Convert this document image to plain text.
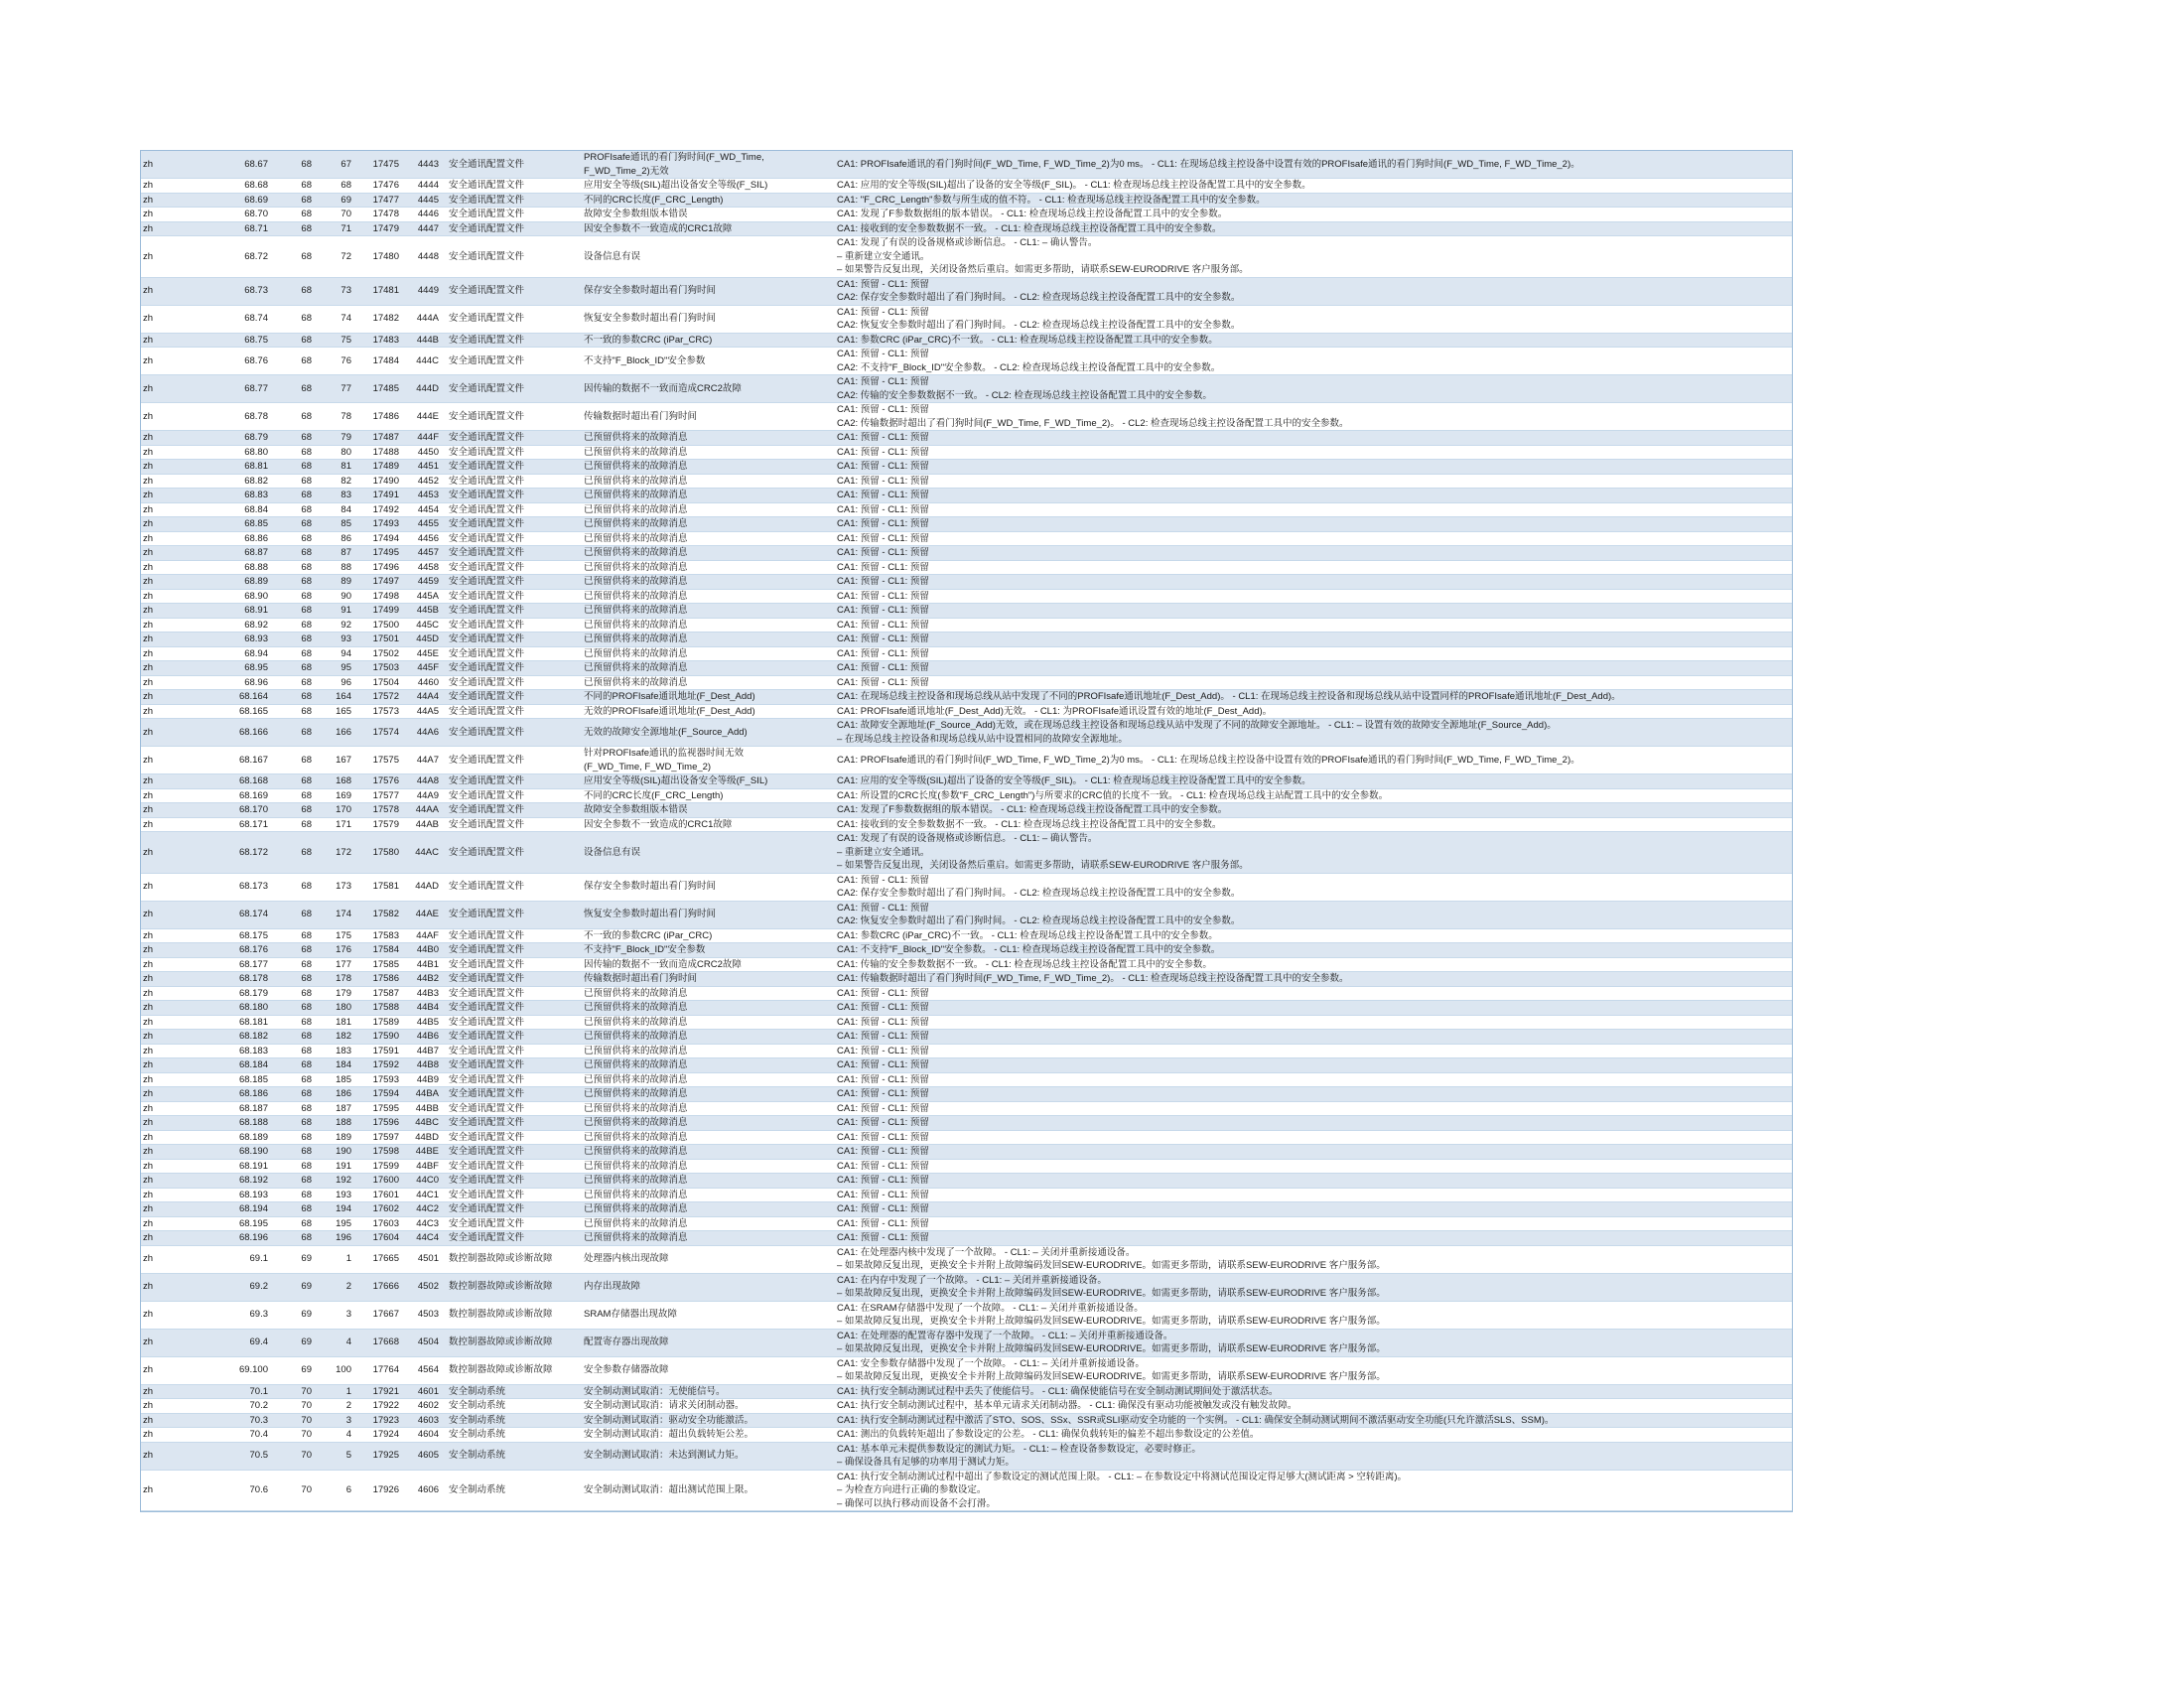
zh	68.67	68	67	17475	4443	安全通讯配置文件	PROFIsafe通讯的看门狗时间(F_WD_Time,
F_WD_Time_2)无效	CA1: PROFIsafe通讯的看门狗时间(F_WD_Time, F_WD_Time_2)为0 ms。 - CL1: 在现场总线主控设备中设置有效的PROFIsafe通讯的看门狗时间(F_WD_Time, F_WD_Time_2)。

zh	68.68	68	68	17476	4444	安全通讯配置文件	应用安全等级(SIL)超出设备安全等级(F_SIL)	CA1: 应用的安全等级(SIL)超出了设备的安全等级(F_SIL)。 - CL1: 检查现场总线主控设备配置工具中的安全参数。

zh	68.69	68	69	17477	4445	安全通讯配置文件	不同的CRC长度(F_CRC_Length)	CA1: "F_CRC_Length"参数与所生成的值不符。 - CL1: 检查现场总线主控设备配置工具中的安全参数。

zh	68.70	68	70	17478	4446	安全通讯配置文件	故障安全参数组版本错误	CA1: 发现了F参数数据组的版本错误。 - CL1: 检查现场总线主控设备配置工具中的安全参数。

zh	68.71	68	71	17479	4447	安全通讯配置文件	因安全参数不一致造成的CRC1故障	CA1: 接收到的安全参数数据不一致。 - CL1: 检查现场总线主控设备配置工具中的安全参数。

zh	68.72	68	72	17480	4448	安全通讯配置文件	设备信息有误	CA1: 发现了有误的设备规格或诊断信息。 - CL1: – 确认警告。
– 重新建立安全通讯。
– 如果警告反复出现，关闭设备然后重启。如需更多帮助，请联系SEW-EURODRIVE 客户服务部。

zh	68.73	68	73	17481	4449	安全通讯配置文件	保存安全参数时超出看门狗时间	CA1: 预留 - CL1: 预留
CA2: 保存安全参数时超出了看门狗时间。 - CL2: 检查现场总线主控设备配置工具中的安全参数。

zh	68.74	68	74	17482	444A	安全通讯配置文件	恢复安全参数时超出看门狗时间	CA1: 预留 - CL1: 预留
CA2: 恢复安全参数时超出了看门狗时间。 - CL2: 检查现场总线主控设备配置工具中的安全参数。

zh	68.75	68	75	17483	444B	安全通讯配置文件	不一致的参数CRC (iPar_CRC)	CA1: 参数CRC (iPar_CRC)不一致。 - CL1: 检查现场总线主控设备配置工具中的安全参数。

zh	68.76	68	76	17484	444C	安全通讯配置文件	不支持"F_Block_ID"安全参数	CA1: 预留 - CL1: 预留
CA2: 不支持"F_Block_ID"安全参数。 - CL2: 检查现场总线主控设备配置工具中的安全参数。

zh	68.77	68	77	17485	444D	安全通讯配置文件	因传输的数据不一致而造成CRC2故障	CA1: 预留 - CL1: 预留
CA2: 传输的安全参数数据不一致。 - CL2: 检查现场总线主控设备配置工具中的安全参数。

zh	68.78	68	78	17486	444E	安全通讯配置文件	传输数据时超出看门狗时间	CA1: 预留 - CL1: 预留
CA2: 传输数据时超出了看门狗时间(F_WD_Time, F_WD_Time_2)。 - CL2: 检查现场总线主控设备配置工具中的安全参数。

zh	68.79	68	79	17487	444F	安全通讯配置文件	已预留供将来的故障消息	CA1: 预留 - CL1: 预留

zh	68.80	68	80	17488	4450	安全通讯配置文件	已预留供将来的故障消息	CA1: 预留 - CL1: 预留

zh	68.81	68	81	17489	4451	安全通讯配置文件	已预留供将来的故障消息	CA1: 预留 - CL1: 预留

zh	68.82	68	82	17490	4452	安全通讯配置文件	已预留供将来的故障消息	CA1: 预留 - CL1: 预留

zh	68.83	68	83	17491	4453	安全通讯配置文件	已预留供将来的故障消息	CA1: 预留 - CL1: 预留

zh	68.84	68	84	17492	4454	安全通讯配置文件	已预留供将来的故障消息	CA1: 预留 - CL1: 预留

zh	68.85	68	85	17493	4455	安全通讯配置文件	已预留供将来的故障消息	CA1: 预留 - CL1: 预留

zh	68.86	68	86	17494	4456	安全通讯配置文件	已预留供将来的故障消息	CA1: 预留 - CL1: 预留

zh	68.87	68	87	17495	4457	安全通讯配置文件	已预留供将来的故障消息	CA1: 预留 - CL1: 预留

zh	68.88	68	88	17496	4458	安全通讯配置文件	已预留供将来的故障消息	CA1: 预留 - CL1: 预留

zh	68.89	68	89	17497	4459	安全通讯配置文件	已预留供将来的故障消息	CA1: 预留 - CL1: 预留

zh	68.90	68	90	17498	445A	安全通讯配置文件	已预留供将来的故障消息	CA1: 预留 - CL1: 预留

zh	68.91	68	91	17499	445B	安全通讯配置文件	已预留供将来的故障消息	CA1: 预留 - CL1: 预留

zh	68.92	68	92	17500	445C	安全通讯配置文件	已预留供将来的故障消息	CA1: 预留 - CL1: 预留

zh	68.93	68	93	17501	445D	安全通讯配置文件	已预留供将来的故障消息	CA1: 预留 - CL1: 预留

zh	68.94	68	94	17502	445E	安全通讯配置文件	已预留供将来的故障消息	CA1: 预留 - CL1: 预留

zh	68.95	68	95	17503	445F	安全通讯配置文件	已预留供将来的故障消息	CA1: 预留 - CL1: 预留

zh	68.96	68	96	17504	4460	安全通讯配置文件	已预留供将来的故障消息	CA1: 预留 - CL1: 预留

zh	68.164	68	164	17572	44A4	安全通讯配置文件	不同的PROFIsafe通讯地址(F_Dest_Add)	CA1: 在现场总线主控设备和现场总线从站中发现了不同的PROFIsafe通讯地址(F_Dest_Add)。 - CL1: 在现场总线主控设备和现场总线从站中设置同样的PROFIsafe通讯地址(F_Dest_Add)。

zh	68.165	68	165	17573	44A5	安全通讯配置文件	无效的PROFIsafe通讯地址(F_Dest_Add)	CA1: PROFIsafe通讯地址(F_Dest_Add)无效。 - CL1: 为PROFIsafe通讯设置有效的地址(F_Dest_Add)。

zh	68.166	68	166	17574	44A6	安全通讯配置文件	无效的故障安全源地址(F_Source_Add)	CA1: 故障安全源地址(F_Source_Add)无效，或在现场总线主控设备和现场总线从站中发现了不同的故障安全源地址。 - CL1: – 设置有效的故障安全源地址(F_Source_Add)。
– 在现场总线主控设备和现场总线从站中设置相同的故障安全源地址。

zh	68.167	68	167	17575	44A7	安全通讯配置文件	针对PROFIsafe通讯的监视器时间无效
(F_WD_Time, F_WD_Time_2)	CA1: PROFIsafe通讯的看门狗时间(F_WD_Time, F_WD_Time_2)为0 ms。 - CL1: 在现场总线主控设备中设置有效的PROFIsafe通讯的看门狗时间(F_WD_Time, F_WD_Time_2)。

zh	68.168	68	168	17576	44A8	安全通讯配置文件	应用安全等级(SIL)超出设备安全等级(F_SIL)	CA1: 应用的安全等级(SIL)超出了设备的安全等级(F_SIL)。 - CL1: 检查现场总线主控设备配置工具中的安全参数。

zh	68.169	68	169	17577	44A9	安全通讯配置文件	不同的CRC长度(F_CRC_Length)	CA1: 所设置的CRC长度(参数"F_CRC_Length")与所要求的CRC值的长度不一致。 - CL1: 检查现场总线主站配置工具中的安全参数。

zh	68.170	68	170	17578	44AA	安全通讯配置文件	故障安全参数组版本错误	CA1: 发现了F参数数据组的版本错误。 - CL1: 检查现场总线主控设备配置工具中的安全参数。

zh	68.171	68	171	17579	44AB	安全通讯配置文件	因安全参数不一致造成的CRC1故障	CA1: 接收到的安全参数数据不一致。 - CL1: 检查现场总线主控设备配置工具中的安全参数。

zh	68.172	68	172	17580	44AC	安全通讯配置文件	设备信息有误	CA1: 发现了有误的设备规格或诊断信息。 - CL1: – 确认警告。
– 重新建立安全通讯。
– 如果警告反复出现，关闭设备然后重启。如需更多帮助，请联系SEW-EURODRIVE 客户服务部。

zh	68.173	68	173	17581	44AD	安全通讯配置文件	保存安全参数时超出看门狗时间	CA1: 预留 - CL1: 预留
CA2: 保存安全参数时超出了看门狗时间。 - CL2: 检查现场总线主控设备配置工具中的安全参数。

zh	68.174	68	174	17582	44AE	安全通讯配置文件	恢复安全参数时超出看门狗时间	CA1: 预留 - CL1: 预留
CA2: 恢复安全参数时超出了看门狗时间。 - CL2: 检查现场总线主控设备配置工具中的安全参数。

zh	68.175	68	175	17583	44AF	安全通讯配置文件	不一致的参数CRC (iPar_CRC)	CA1: 参数CRC (iPar_CRC)不一致。 - CL1: 检查现场总线主控设备配置工具中的安全参数。

zh	68.176	68	176	17584	44B0	安全通讯配置文件	不支持"F_Block_ID"安全参数	CA1: 不支持"F_Block_ID"安全参数。 - CL1: 检查现场总线主控设备配置工具中的安全参数。

zh	68.177	68	177	17585	44B1	安全通讯配置文件	因传输的数据不一致而造成CRC2故障	CA1: 传输的安全参数数据不一致。 - CL1: 检查现场总线主控设备配置工具中的安全参数。

zh	68.178	68	178	17586	44B2	安全通讯配置文件	传输数据时超出看门狗时间	CA1: 传输数据时超出了看门狗时间(F_WD_Time, F_WD_Time_2)。 - CL1: 检查现场总线主控设备配置工具中的安全参数。

zh	68.179	68	179	17587	44B3	安全通讯配置文件	已预留供将来的故障消息	CA1: 预留 - CL1: 预留

zh	68.180	68	180	17588	44B4	安全通讯配置文件	已预留供将来的故障消息	CA1: 预留 - CL1: 预留

zh	68.181	68	181	17589	44B5	安全通讯配置文件	已预留供将来的故障消息	CA1: 预留 - CL1: 预留

zh	68.182	68	182	17590	44B6	安全通讯配置文件	已预留供将来的故障消息	CA1: 预留 - CL1: 预留

zh	68.183	68	183	17591	44B7	安全通讯配置文件	已预留供将来的故障消息	CA1: 预留 - CL1: 预留

zh	68.184	68	184	17592	44B8	安全通讯配置文件	已预留供将来的故障消息	CA1: 预留 - CL1: 预留

zh	68.185	68	185	17593	44B9	安全通讯配置文件	已预留供将来的故障消息	CA1: 预留 - CL1: 预留

zh	68.186	68	186	17594	44BA	安全通讯配置文件	已预留供将来的故障消息	CA1: 预留 - CL1: 预留

zh	68.187	68	187	17595	44BB	安全通讯配置文件	已预留供将来的故障消息	CA1: 预留 - CL1: 预留

zh	68.188	68	188	17596	44BC	安全通讯配置文件	已预留供将来的故障消息	CA1: 预留 - CL1: 预留

zh	68.189	68	189	17597	44BD	安全通讯配置文件	已预留供将来的故障消息	CA1: 预留 - CL1: 预留

zh	68.190	68	190	17598	44BE	安全通讯配置文件	已预留供将来的故障消息	CA1: 预留 - CL1: 预留

zh	68.191	68	191	17599	44BF	安全通讯配置文件	已预留供将来的故障消息	CA1: 预留 - CL1: 预留

zh	68.192	68	192	17600	44C0	安全通讯配置文件	已预留供将来的故障消息	CA1: 预留 - CL1: 预留

zh	68.193	68	193	17601	44C1	安全通讯配置文件	已预留供将来的故障消息	CA1: 预留 - CL1: 预留

zh	68.194	68	194	17602	44C2	安全通讯配置文件	已预留供将来的故障消息	CA1: 预留 - CL1: 预留

zh	68.195	68	195	17603	44C3	安全通讯配置文件	已预留供将来的故障消息	CA1: 预留 - CL1: 预留

zh	68.196	68	196	17604	44C4	安全通讯配置文件	已预留供将来的故障消息	CA1: 预留 - CL1: 预留

zh	69.1	69	1	17665	4501	数控制器故障或诊断故障	处理器内核出现故障	CA1: 在处理器内核中发现了一个故障。 - CL1: – 关闭并重新接通设备。
– 如果故障反复出现，更换安全卡并附上故障编码发回SEW-EURODRIVE。如需更多帮助，请联系SEW-EURODRIVE 客户服务部。

zh	69.2	69	2	17666	4502	数控制器故障或诊断故障	内存出现故障	CA1: 在内存中发现了一个故障。 - CL1: – 关闭并重新接通设备。
– 如果故障反复出现，更换安全卡并附上故障编码发回SEW-EURODRIVE。如需更多帮助，请联系SEW-EURODRIVE 客户服务部。

zh	69.3	69	3	17667	4503	数控制器故障或诊断故障	SRAM存储器出现故障	CA1: 在SRAM存储器中发现了一个故障。 - CL1: – 关闭并重新接通设备。
– 如果故障反复出现，更换安全卡并附上故障编码发回SEW-EURODRIVE。如需更多帮助，请联系SEW-EURODRIVE 客户服务部。

zh	69.4	69	4	17668	4504	数控制器故障或诊断故障	配置寄存器出现故障	CA1: 在处理器的配置寄存器中发现了一个故障。 - CL1: – 关闭并重新接通设备。
– 如果故障反复出现，更换安全卡并附上故障编码发回SEW-EURODRIVE。如需更多帮助，请联系SEW-EURODRIVE 客户服务部。

zh	69.100	69	100	17764	4564	数控制器故障或诊断故障	安全参数存储器故障	CA1: 安全参数存储器中发现了一个故障。 - CL1: – 关闭并重新接通设备。
– 如果故障反复出现，更换安全卡并附上故障编码发回SEW-EURODRIVE。如需更多帮助，请联系SEW-EURODRIVE 客户服务部。

zh	70.1	70	1	17921	4601	安全制动系统	安全制动测试取消：无使能信号。	CA1: 执行安全制动测试过程中丢失了使能信号。 - CL1: 确保使能信号在安全制动测试期间处于激活状态。

zh	70.2	70	2	17922	4602	安全制动系统	安全制动测试取消：请求关闭制动器。	CA1: 执行安全制动测试过程中，基本单元请求关闭制动器。 - CL1: 确保没有驱动功能被触发或没有触发故障。

zh	70.3	70	3	17923	4603	安全制动系统	安全制动测试取消：驱动安全功能激活。	CA1: 执行安全制动测试过程中激活了STO、SOS、SSx、SSR或SLI驱动安全功能的一个实例。 - CL1: 确保安全制动测试期间不激活驱动安全功能(只允许激活SLS、SSM)。

zh	70.4	70	4	17924	4604	安全制动系统	安全制动测试取消：超出负载转矩公差。	CA1: 测出的负载转矩超出了参数设定的公差。 - CL1: 确保负载转矩的偏差不超出参数设定的公差值。

zh	70.5	70	5	17925	4605	安全制动系统	安全制动测试取消：未达到测试力矩。	CA1: 基本单元未提供参数设定的测试力矩。 - CL1: – 检查设备参数设定，必要时修正。
– 确保设备具有足够的功率用于测试力矩。

zh	70.6	70	6	17926	4606	安全制动系统	安全制动测试取消：超出测试范围上限。	CA1: 执行安全制动测试过程中超出了参数设定的测试范围上限。 - CL1: – 在参数设定中将测试范围设定得足够大(测试距离 > 空转距离)。
– 为检查方向进行正确的参数设定。
– 确保可以执行移动而设备不会打滑。
